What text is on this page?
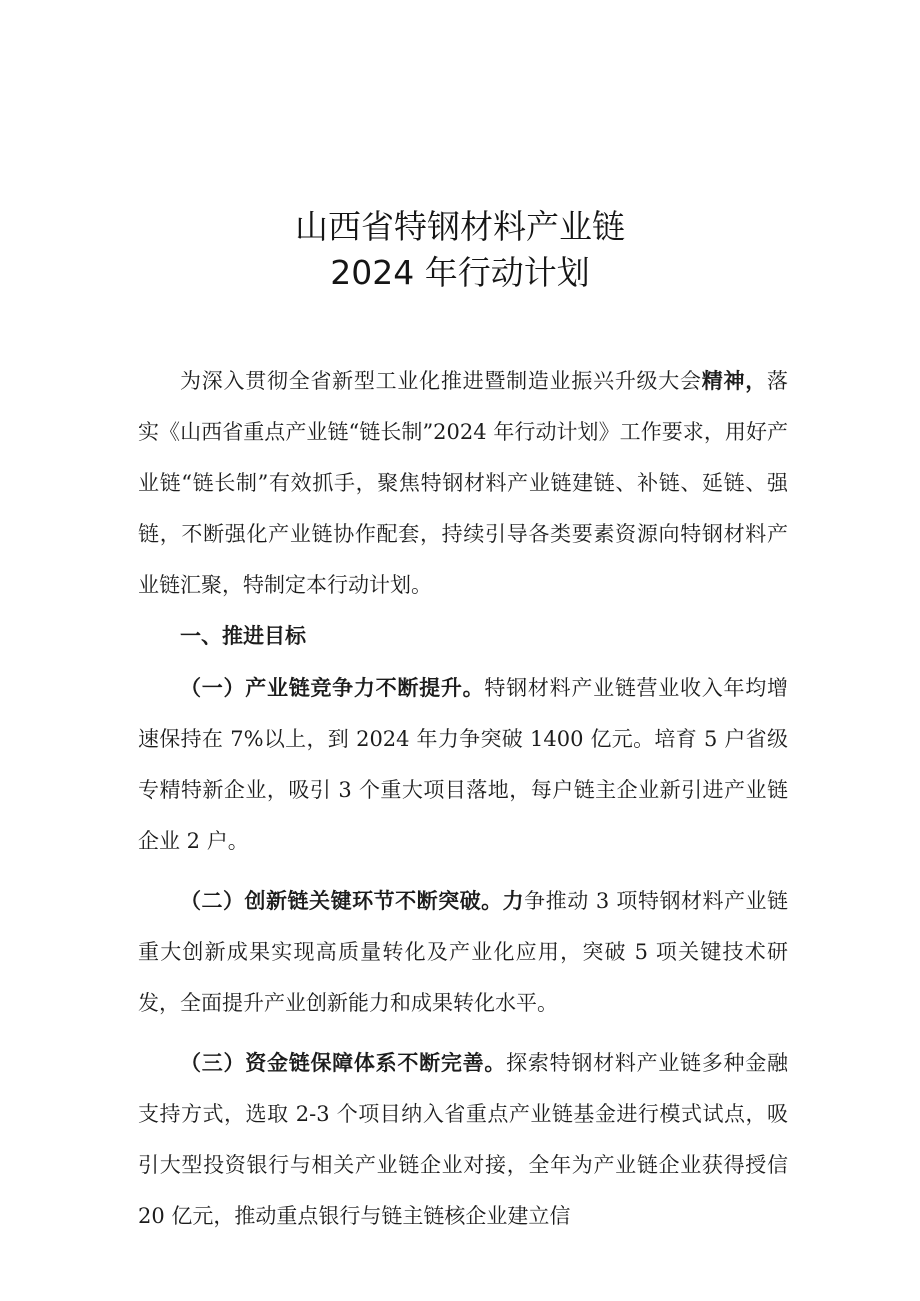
山西省特钢材料产业链
2024 年行动计划

为深入贯彻全省新型工业化推进暨制造业振兴升级大会精神，落实《山西省重点产业链“链长制”2024 年行动计划》工作要求，用好产业链“链长制”有效抓手，聚焦特钢材料产业链建链、补链、延链、强链，不断强化产业链协作配套，持续引导各类要素资源向特钢材料产业链汇聚，特制定本行动计划。

一、推进目标

（一）产业链竞争力不断提升。特钢材料产业链营业收入年均增速保持在 7%以上，到 2024 年力争突破 1400 亿元。培育 5 户省级专精特新企业，吸引 3 个重大项目落地，每户链主企业新引进产业链企业 2 户。

（二）创新链关键环节不断突破。力争推动 3 项特钢材料产业链重大创新成果实现高质量转化及产业化应用，突破 5 项关键技术研发，全面提升产业创新能力和成果转化水平。

（三）资金链保障体系不断完善。探索特钢材料产业链多种金融支持方式，选取 2-3 个项目纳入省重点产业链基金进行模式试点，吸引大型投资银行与相关产业链企业对接，全年为产业链企业获得授信 20 亿元，推动重点银行与链主链核企业建立信
